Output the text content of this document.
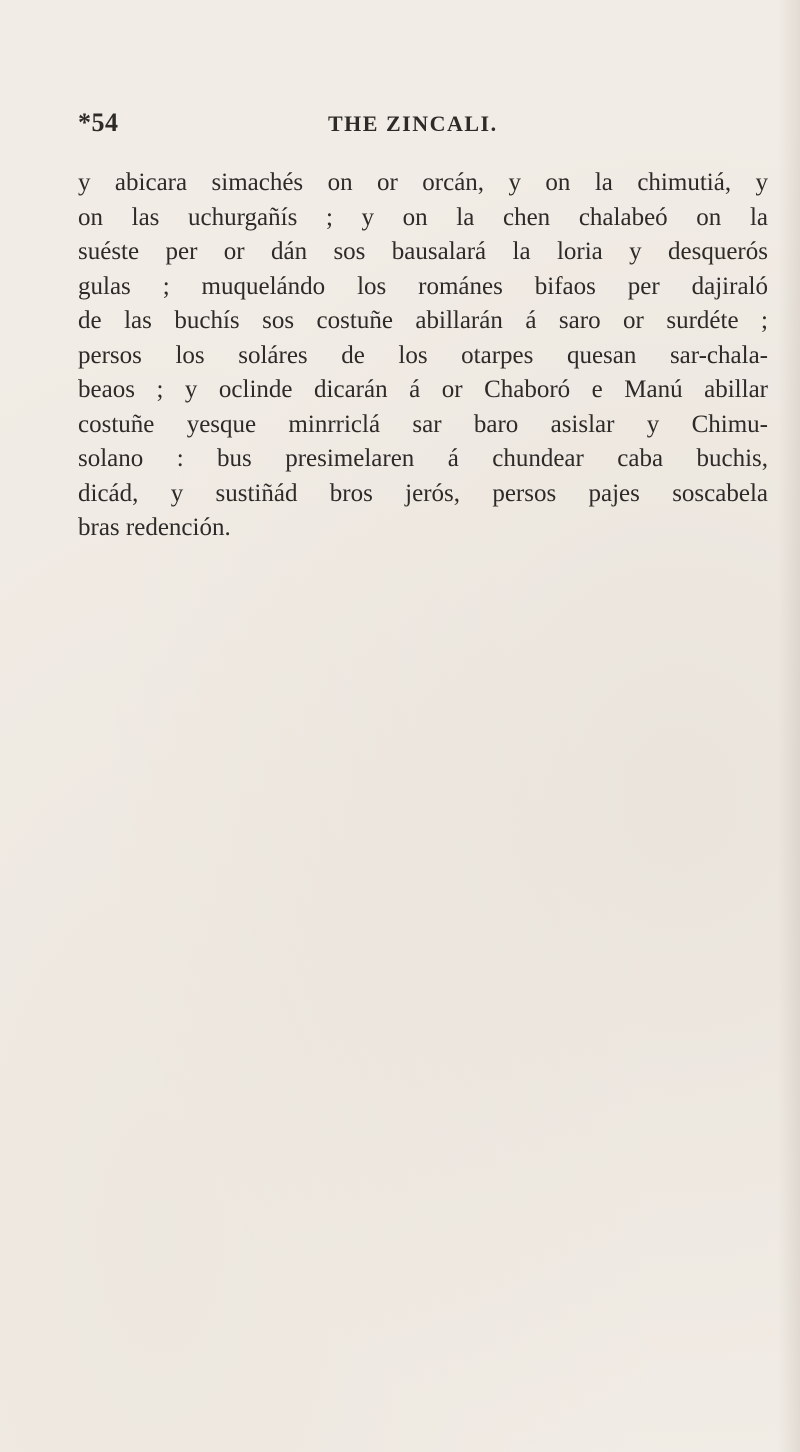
*54	THE ZINCALI.
y abicara simachés on or orcán, y on la chimutiá, y
on las uchurgañís ; y on la chen chalabeó on la
suéste per or dán sos bausalará la loria y desquerós
gulas ; muquelándo los románes bifaos per dajiraló
de las buchís sos costuñe abillarán á saro or surdéte ;
persos los soláres de los otarpes quesan sar-chala-
beaos ; y oclinde dicarán á or Chaboró e Manú abillar
costuñe yesque minrriclá sar baro asislar y Chimu-
solano : bus presimelaren á chundear caba buchis,
dicád, y sustiñád bros jerós, persos pajes soscabela
bras redención.
